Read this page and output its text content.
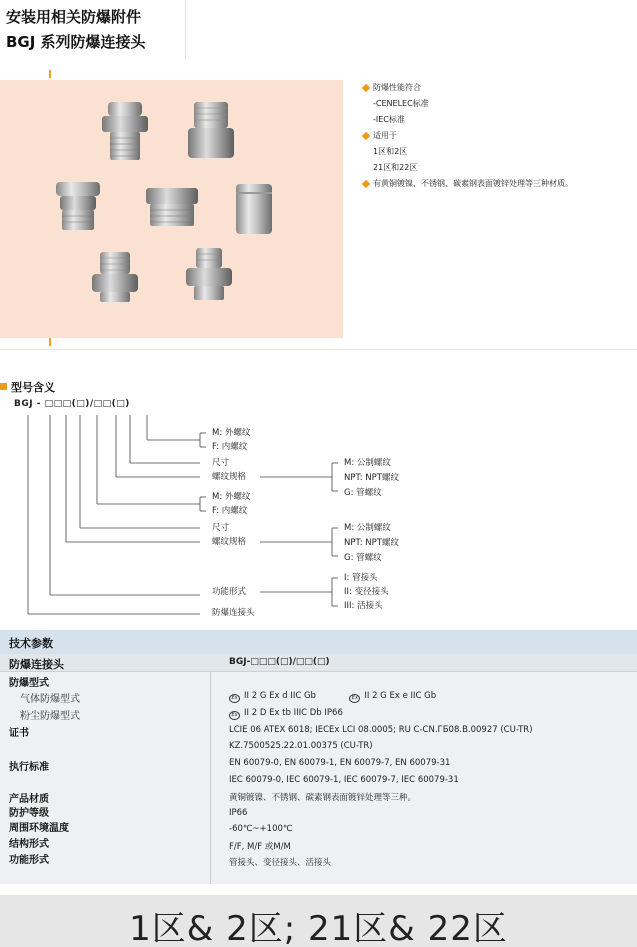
安装用相关防爆附件
BGJ 系列防爆连接头
防爆性能符合
-CENELEC标准
-IEC标准
适用于
1区和2区
21区和22区
有黄铜镀镍、不锈钢、碳素钢表面镀锌处理等三种材质。
型号含义
BGJ - □□□(□)/□□(□)
M: 外螺纹
F: 内螺纹
尺寸
螺纹规格
M: 外螺纹
F: 内螺纹
尺寸
螺纹规格
功能形式
防爆连接头
M: 公制螺纹
NPT: NPT螺纹
G: 管螺纹
M: 公制螺纹
NPT: NPT螺纹
G: 管螺纹
I: 管接头
II: 变径接头
III: 活接头
技术参数
防爆连接头	BGJ-□□□(□)/□□(□)
防爆型式
气体防爆型式	Ex II 2 G Ex d IIC Gb	Ex II 2 G Ex e IIC Gb
粉尘防爆型式	Ex II 2 D Ex tb IIIC Db IP66
证书	LCIE 06 ATEX 6018; IECEx LCI 08.0005; RU C-CN.ГБ08.B.00927 (CU-TR)
KZ.7500525.22.01.00375 (CU-TR)
执行标准	EN 60079-0, EN 60079-1, EN 60079-7, EN 60079-31
IEC 60079-0, IEC 60079-1, IEC 60079-7, IEC 60079-31
产品材质	黄铜镀镍、不锈钢、碳素钢表面镀锌处理等三种。
防护等级	IP66
周围环境温度	-60℃~+100℃
结构形式	F/F, M/F 或M/M
功能形式	管接头、变径接头、活接头
1区& 2区; 21区& 22区
